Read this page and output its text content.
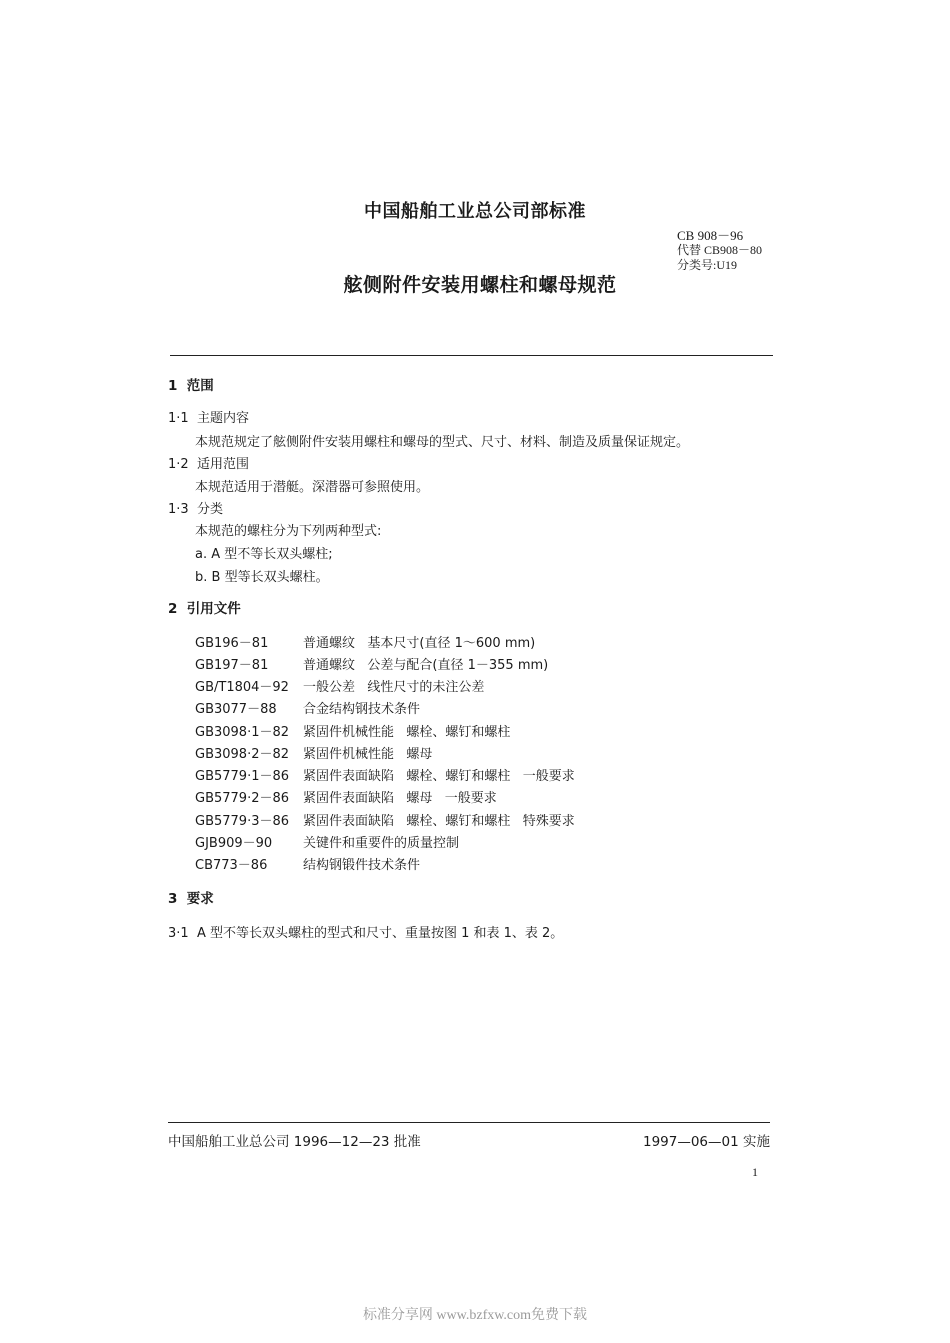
中国船舶工业总公司部标准
CB 908－96
代替 CB908－80
分类号:U19
舷侧附件安装用螺柱和螺母规范
1  范围
1·1  主题内容
本规范规定了舷侧附件安装用螺柱和螺母的型式、尺寸、材料、制造及质量保证规定。
1·2  适用范围
本规范适用于潜艇。深潜器可参照使用。
1·3  分类
本规范的螺柱分为下列两种型式:
a. A 型不等长双头螺柱;
b. B 型等长双头螺柱。
2  引用文件
GB196－81	普通螺纹   基本尺寸(直径 1～600 mm)
GB197－81	普通螺纹   公差与配合(直径 1－355 mm)
GB/T1804－92 一般公差   线性尺寸的未注公差
GB3077－88 合金结构钢技术条件
GB3098·1－82 紧固件机械性能   螺栓、螺钉和螺柱
GB3098·2－82 紧固件机械性能   螺母
GB5779·1－86 紧固件表面缺陷   螺栓、螺钉和螺柱   一般要求
GB5779·2－86 紧固件表面缺陷   螺母   一般要求
GB5779·3－86 紧固件表面缺陷   螺栓、螺钉和螺柱   特殊要求
GJB909－90 关键件和重要件的质量控制
CB773－86	结构钢锻件技术条件
3  要求
3·1  A 型不等长双头螺柱的型式和尺寸、重量按图 1 和表 1、表 2。
中国船舶工业总公司 1996—12—23 批准	1997—06—01 实施
1
标准分享网 www.bzfxw.com免费下载
